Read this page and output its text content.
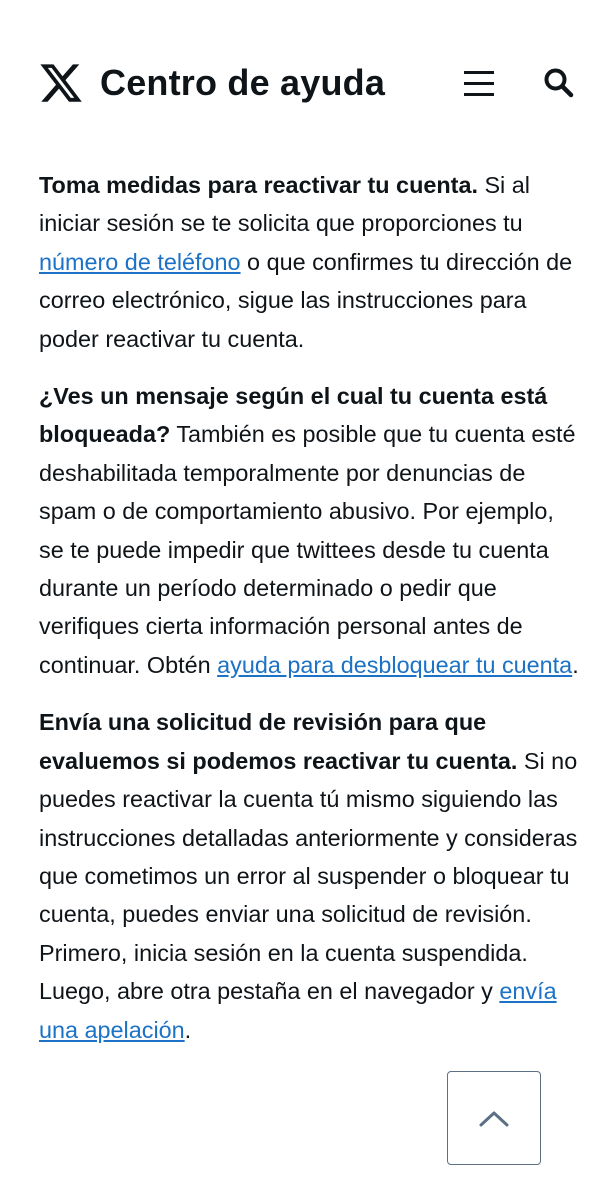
Centro de ayuda

Toma medidas para reactivar tu cuenta. Si al iniciar sesión se te solicita que proporciones tu número de teléfono o que confirmes tu dirección de correo electrónico, sigue las instrucciones para poder reactivar tu cuenta.

¿Ves un mensaje según el cual tu cuenta está bloqueada? También es posible que tu cuenta esté deshabilitada temporalmente por denuncias de spam o de comportamiento abusivo. Por ejemplo, se te puede impedir que twittees desde tu cuenta durante un período determinado o pedir que verifiques cierta información personal antes de continuar. Obtén ayuda para desbloquear tu cuenta.

Envía una solicitud de revisión para que evaluemos si podemos reactivar tu cuenta. Si no puedes reactivar la cuenta tú mismo siguiendo las instrucciones detalladas anteriormente y consideras que cometimos un error al suspender o bloquear tu cuenta, puedes enviar una solicitud de revisión. Primero, inicia sesión en la cuenta suspendida. Luego, abre otra pestaña en el navegador y envía una apelación.
